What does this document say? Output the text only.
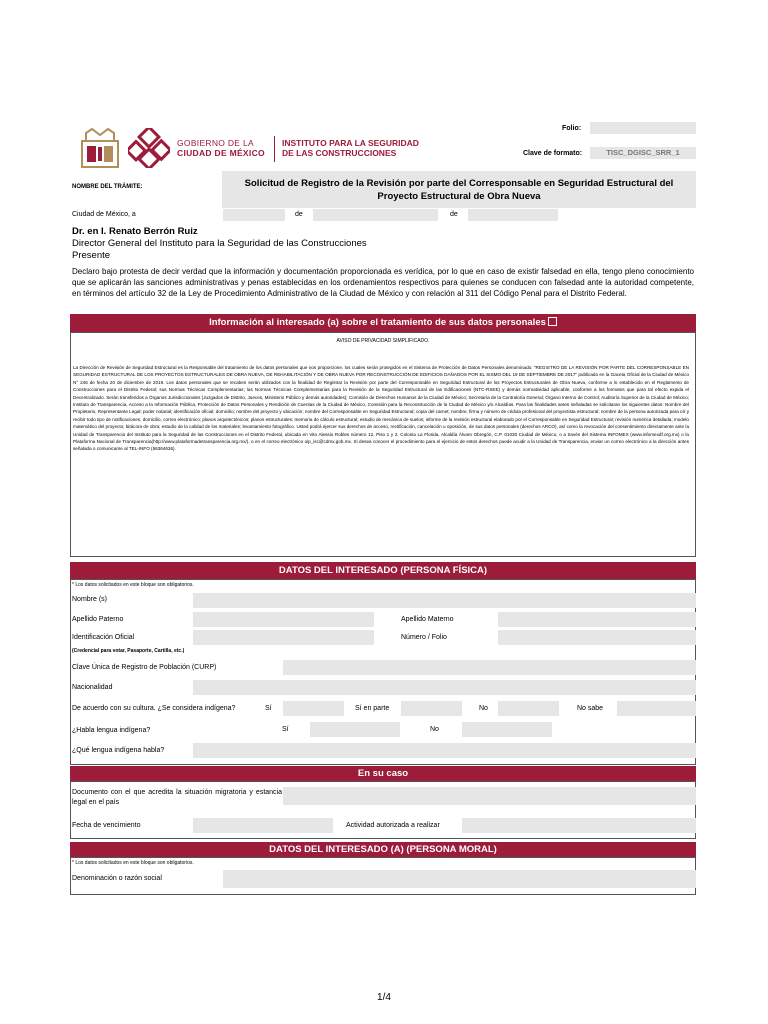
GOBIERNO DE LA
CIUDAD DE MÉXICO
INSTITUTO PARA LA SEGURIDAD
DE LAS CONSTRUCCIONES
Folio:
Clave de formato:	TISC_DGISC_SRR_1
NOMBRE DEL TRÁMITE:	Solicitud de Registro de la Revisión por parte del Corresponsable en Seguridad Estructural del Proyecto Estructural de Obra Nueva
Ciudad de México, a	de	de
Dr. en I. Renato Berrón Ruiz
Director General del Instituto para la Seguridad de las Construcciones
Presente
Declaro bajo protesta de decir verdad que la información y documentación proporcionada es verídica, por lo que en caso de existir falsedad en ella, tengo pleno conocimiento que se aplicarán las sanciones administrativas y penas establecidas en los ordenamientos respectivos para quienes se conducen con falsedad ante la autoridad competente, en términos del artículo 32 de la Ley de Procedimiento Administrativo de la Ciudad de México y con relación al 311 del Código Penal para el Distrito Federal.
Información al interesado (a) sobre el tratamiento de sus datos personales
AVISO DE PRIVACIDAD SIMPLIFICADO.
La Dirección de Revisión de Seguridad Estructural es la Responsable del tratamiento de los datos personales que nos proporcione, los cuales serán protegidos en el Sistema de Protección de Datos Personales denominado: "REGISTRO DE LA REVISIÓN POR PARTE DEL CORRESPONSABLE EN SEGURIDAD ESTRUCTURAL DE LOS PROYECTOS ESTRUCTURALES DE OBRA NUEVA, DE REHABILITACIÓN Y DE OBRA NUEVA POR RECONSTRUCCIÓN DE EDIFICIOS DAÑADOS POR EL SISMO DEL 19 DE SEPTIEMBRE DE 2017" publicado en la Gaceta Oficial de la Ciudad de México N° 246 de fecha 20 de diciembre de 2019. Los datos personales que se recaben serán utilizados con la finalidad de Registrar la Revisión por parte del Corresponsable en Seguridad Estructural de los Proyectos Estructurales de Obra Nueva, conforme a lo establecido en el Reglamento de Construcciones para el Distrito Federal; sus Normas Técnicas Complementarias; las Normas Técnicas Complementarias para la Revisión de la Seguridad Estructural de las Edificaciones (NTC-RSEE) y demás normatividad aplicable, conforme a los formatos que para tal efecto expida el Decentralizado. Serán transferidos a Órganos Jurisdiccionales (Juzgados de Distrito, Jueces, Ministerio Público y demás autoridades); Comisión de Derechos Humanos de la Ciudad de México; Secretaría de la Contraloría General; Órgano Interno de Control; Auditoría Superior de la Ciudad de México; Instituto de Transparencia, Acceso a la Información Pública, Protección de Datos Personales y Rendición de Cuentas de la Ciudad de México, Comisión para la Reconstrucción de la Ciudad de México y/o Alcaldías. Para las finalidades antes señaladas se solicitaran los siguientes datos: Nombre del Propietario, Representante Legal; poder notarial; identificación oficial; domicilio; nombre del proyecto y ubicación; nombre del Corresponsable en Seguridad Estructural; copia del carnet; nombre, firma y número de cédula profesional del proyectista estructural; nombre de la persona autorizada para oír y recibir todo tipo de notificaciones, domicilio, correo electrónico; planos arquitectónicos; planos estructurales; memoria de cálculo estructural; estudio de mecánica de suelos; informe de la revisión estructural elaborado por el Corresponsable en Seguridad Estructural; revisión numérica detallada; modelo matemático del proyecto; bitácora de obra; estudio de la calidad de los materiales; levantamiento fotográfico. Usted podrá ejercer sus derechos de acceso, rectificación, cancelación u oposición, de sus datos personales (derechos ARCO), así como la revocación del consentimiento directamente ante la Unidad de Transparencia del Instituto para la Seguridad de las Construcciones en el Distrito Federal, ubicada en Vito Alessio Robles número 12, Piso 1 y 2, Colonia La Florida, Alcaldía Álvaro Obregón, C.P. 01030 Ciudad de México, o a través del Sistema INFOMEX (www.infomexdf.org.mx) o la Plataforma Nacional de Transparencia(http://www.plataformadetransparencia.org.mx/), o en el correo electrónico oip_isc@cdmx.gob.mx. Si desea conocer el procedimiento para el ejercicio de estos derechos puede acudir a la Unidad de Transparencia, enviar un correo electrónico a la dirección antes señalada o comunicarse al TEL-INFO (56364636).
DATOS DEL INTERESADO (PERSONA FÍSICA)
* Los datos solicitados en este bloque son obligatorios.
Nombre (s)
Apellido Paterno	Apellido Materno
Identificación Oficial	Número / Folio
(Credencial para votar, Pasaporte, Cartilla, etc.)
Clave Única de Registro de Población (CURP)
Nacionalidad
De acuerdo con su cultura. ¿Se considera indígena?	Sí	Sí en parte	No	No sabe
¿Habla lengua indígena?	Sí	No
¿Qué lengua indígena habla?
En su caso
Documento con el que acredita la situación migratoria y estancia legal en el país
Fecha de vencimiento	Actividad autorizada a realizar
DATOS DEL INTERESADO (A) (PERSONA MORAL)
* Los datos solicitados en este bloque son obligatorios.
Denominación o razón social
1/4
